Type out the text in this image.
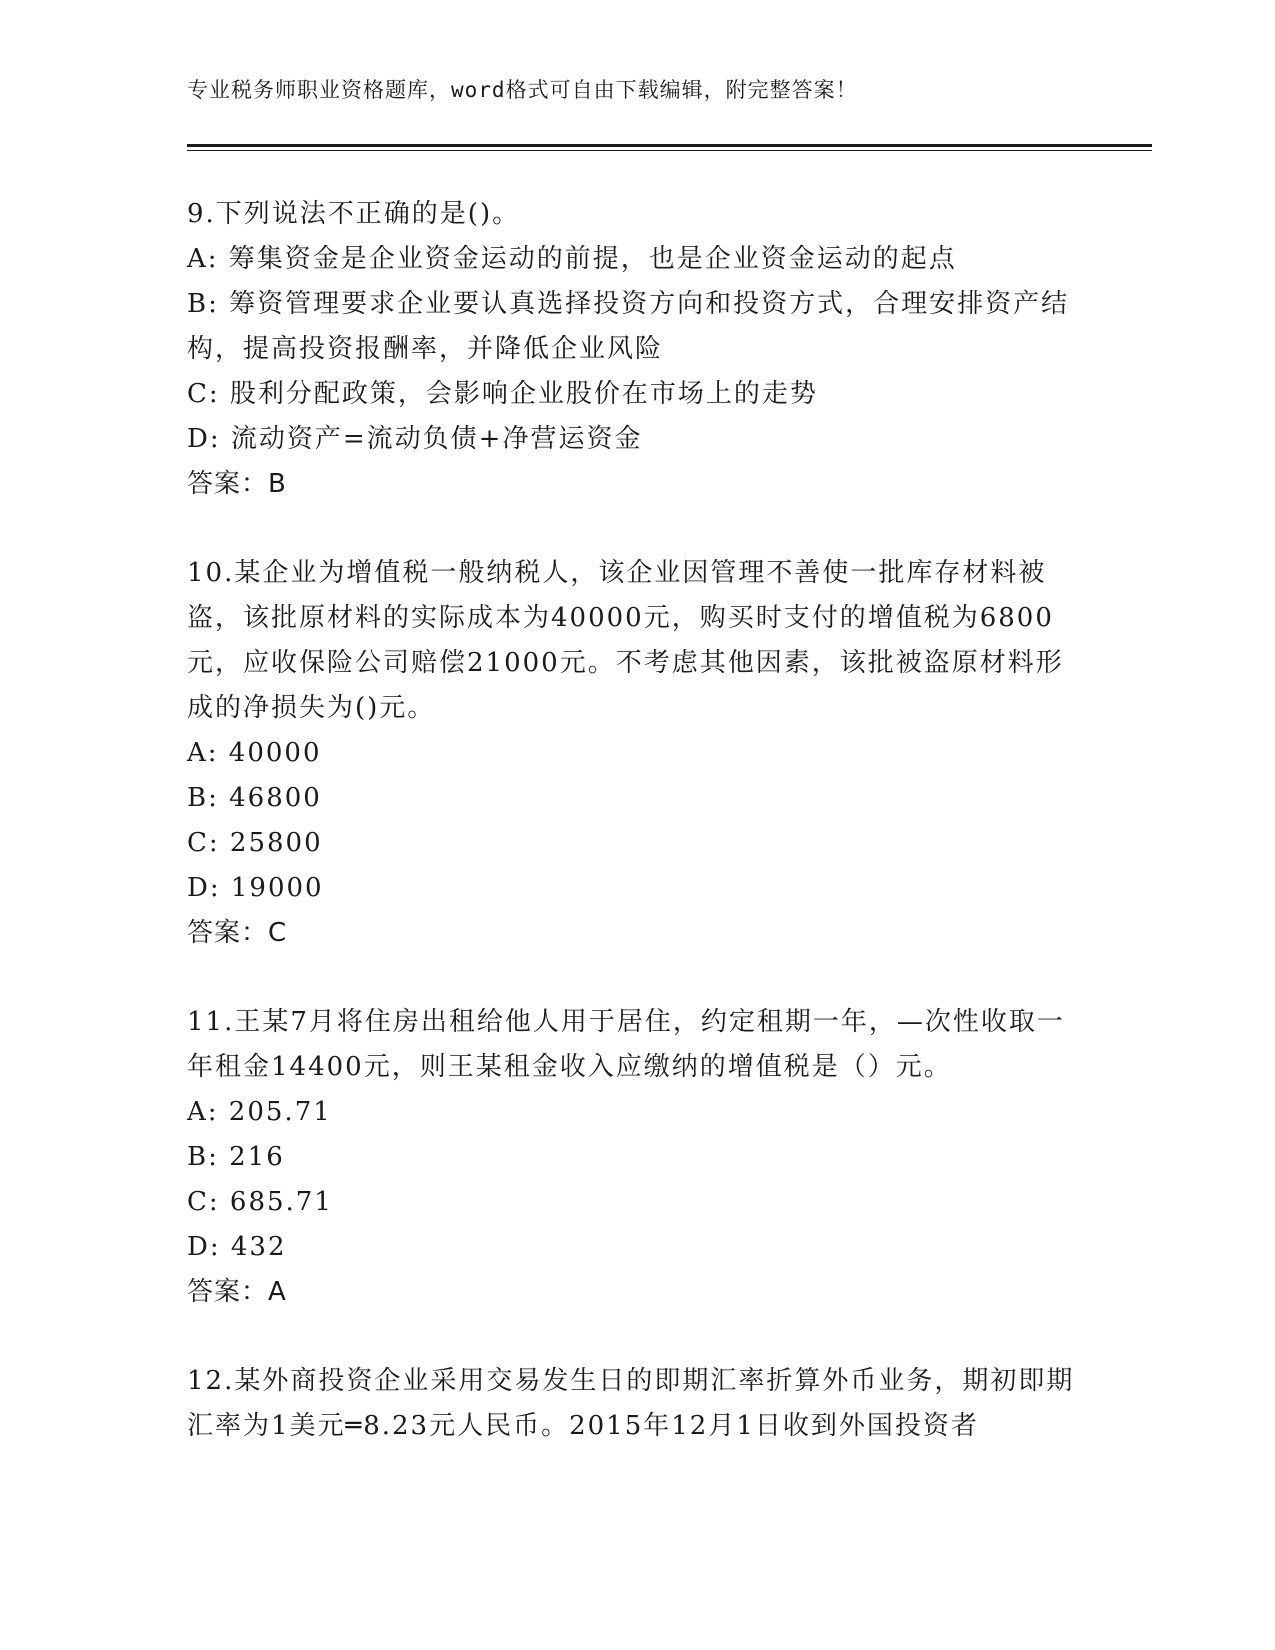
专业税务师职业资格题库，word格式可自由下载编辑，附完整答案！

9.下列说法不正确的是()。

A: 筹集资金是企业资金运动的前提，也是企业资金运动的起点

B: 筹资管理要求企业要认真选择投资方向和投资方式，合理安排资产结构，提高投资报酬率，并降低企业风险

C: 股利分配政策，会影响企业股价在市场上的走势

D: 流动资产=流动负债+净营运资金

答案：B

10.某企业为增值税一般纳税人，该企业因管理不善使一批库存材料被盗，该批原材料的实际成本为40000元，购买时支付的增值税为6800元，应收保险公司赔偿21000元。不考虑其他因素，该批被盗原材料形成的净损失为()元。

A: 40000

B: 46800

C: 25800

D: 19000

答案：C

11.王某7月将住房出租给他人用于居住，约定租期一年，—次性收取一年租金14400元，则王某租金收入应缴纳的增值税是（）元。

A: 205.71

B: 216

C: 685.71

D: 432

答案：A

12.某外商投资企业采用交易发生日的即期汇率折算外币业务，期初即期汇率为1美元═8.23元人民币。2015年12月1日收到外国投资者
